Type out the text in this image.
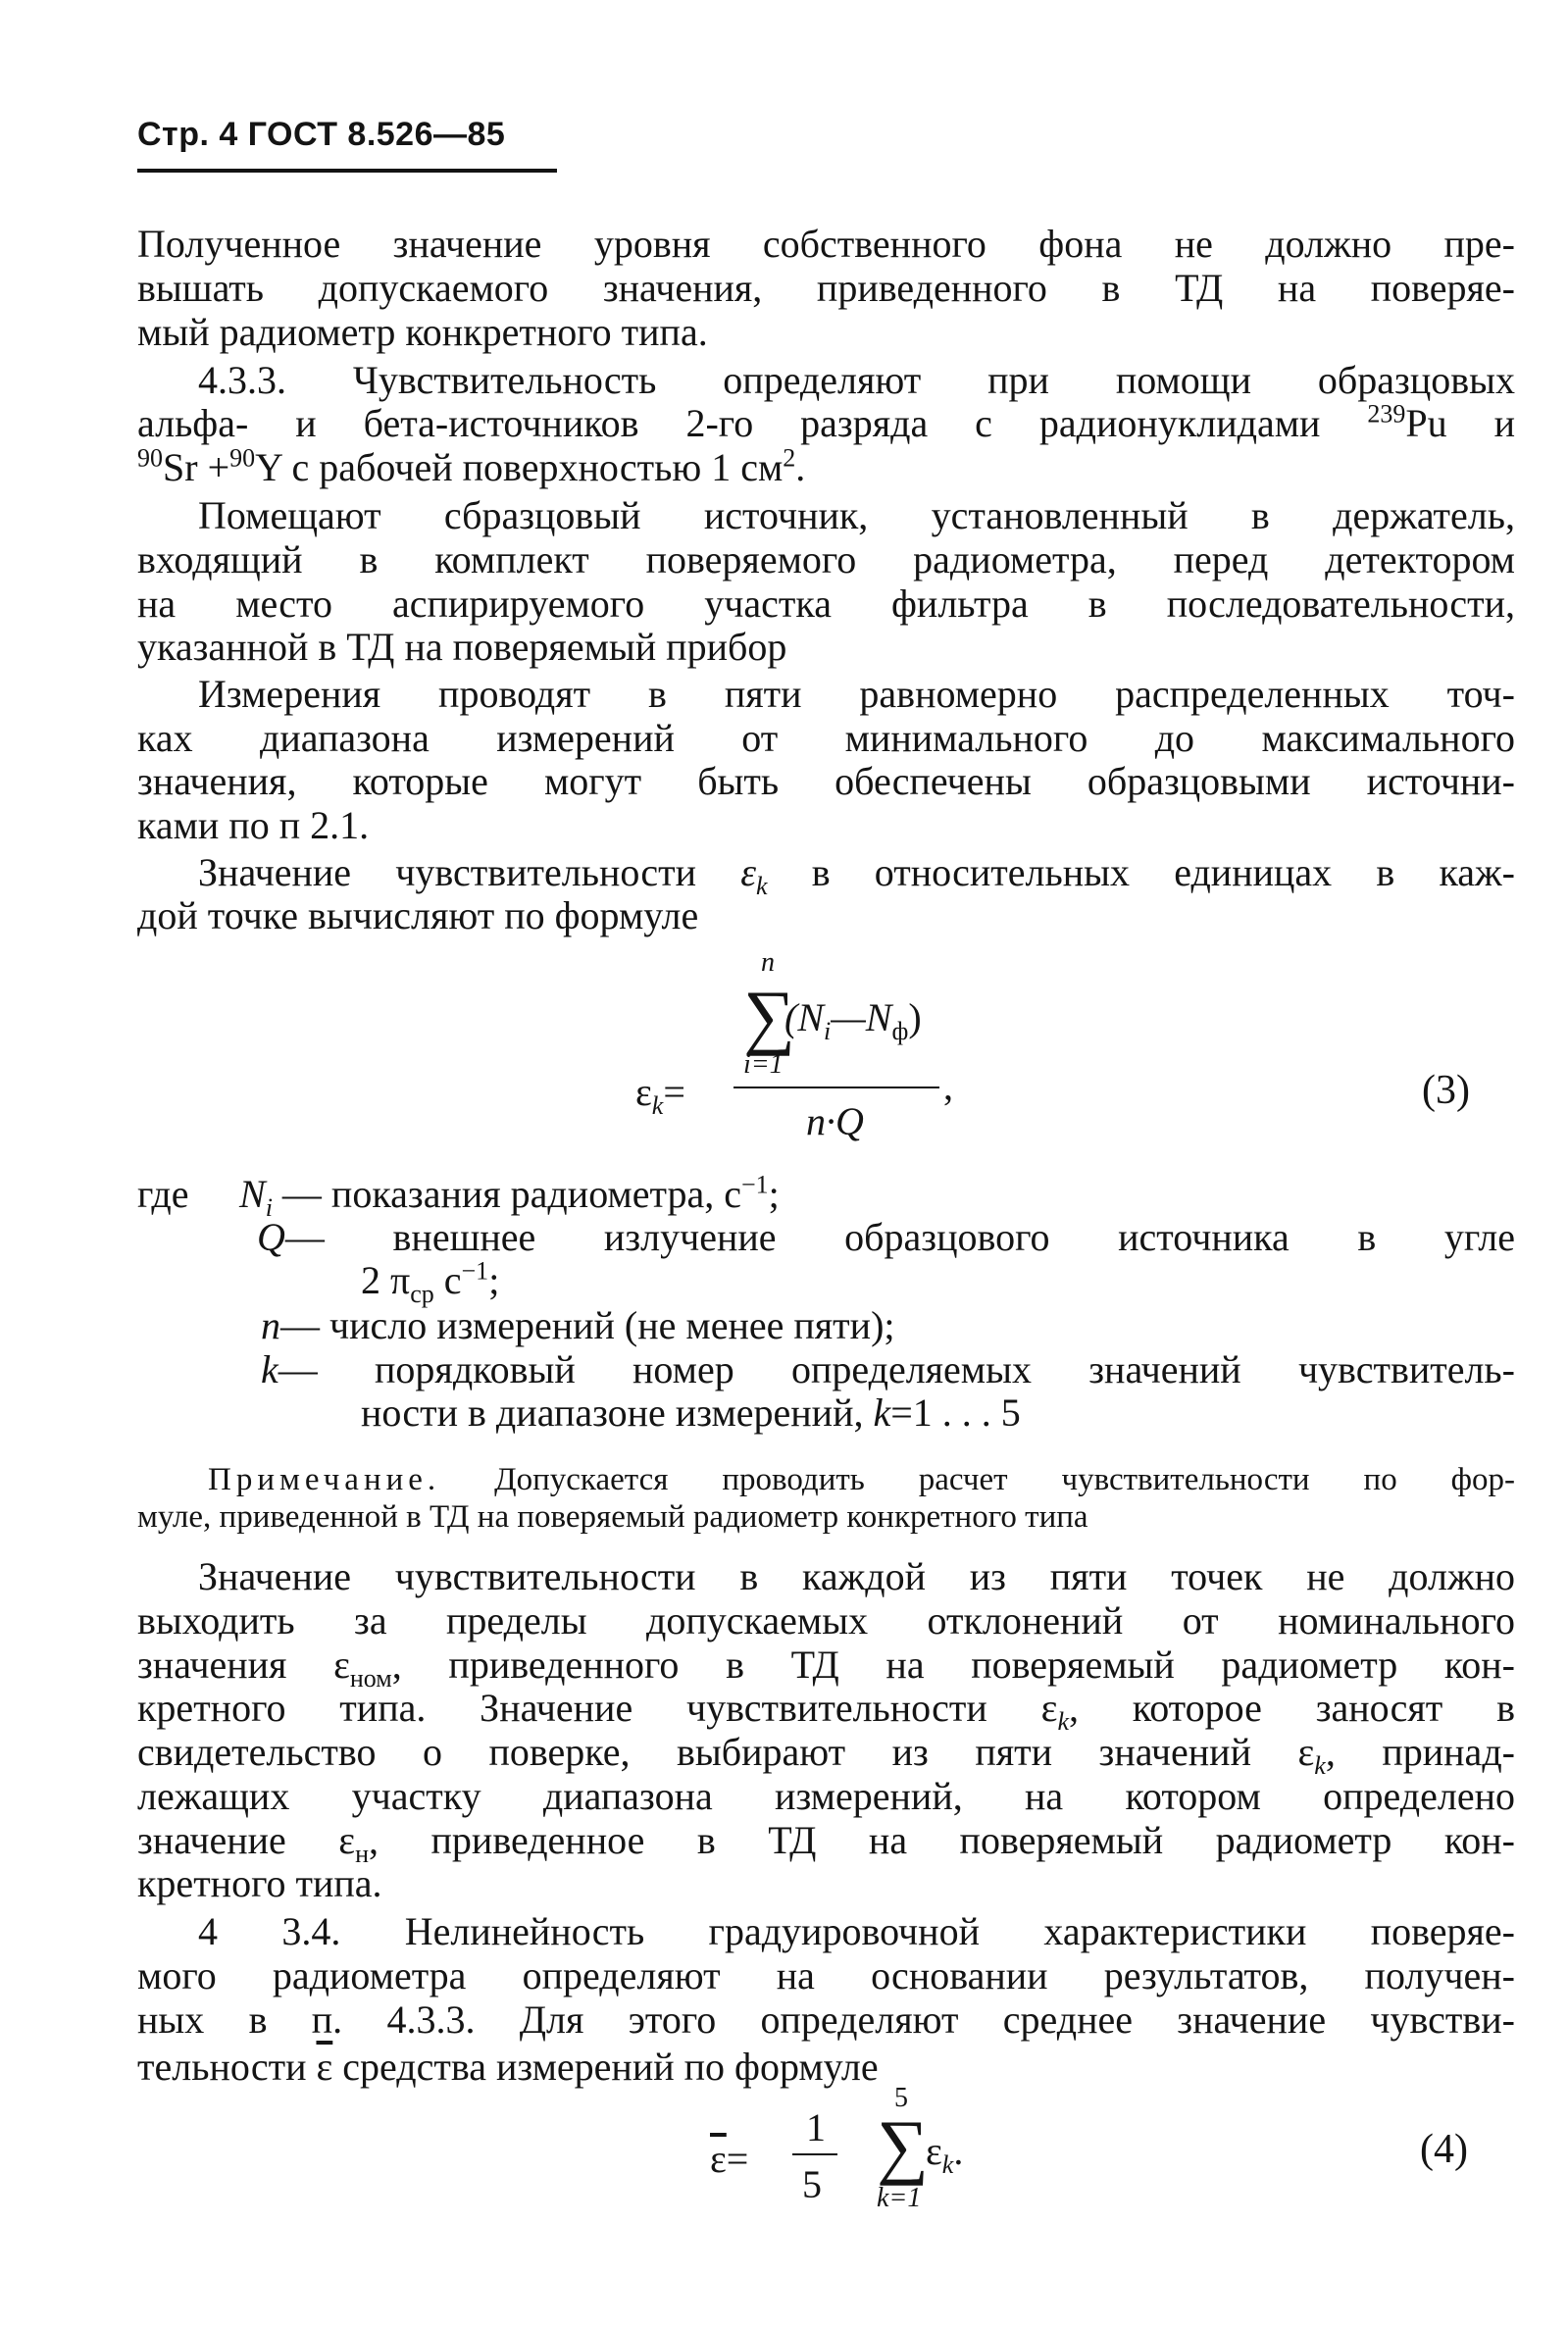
Стр. 4 ГОСТ 8.526—85
Полученное значение уровня собственного фона не должно пре-
вышать допускаемого значения, приведенного в ТД на поверяе-
мый радиометр конкретного типа.
4.3.3. Чувствительность определяют при помощи образцовых
альфа- и бета-источников 2-го разряда с радионуклидами $^{239}$Pu и
$^{90}$Sr +$^{90}$Y с рабочей поверхностью 1 $см^2$.
Помещают сбразцовый источник, установленный в держатель,
входящий в комплект поверяемого радиометра, перед детектором
на место аспирируемого участка фильтра в последовательности,
указанной в ТД на поверяемый прибор
Измерения проводят в пяти равномерно распределенных точ-
ках диапазона измерений от минимального до максимального
значения, которые могут быть обеспечены образцовыми источни-
ками по п 2.1.
Значение чувствительности $\varepsilon_k$ в относительных единицах в каж-
дой точке вычисляют по формуле
n
∑
$(N_i—N_ф)$
i=1
$\varepsilon_k=$	,
n·Q
(3)
где $N_i$ — показания радиометра, $с^{-1}$;
Q— внешнее излучение образцового источника в угле
2 $\pi_{ср}$ $с^{-1}$;
n— число измерений (не менее пяти);
k— порядковый номер определяемых значений чувствитель-
ности в диапазоне измерений, k=1 . . . 5
Примечание. Допускается проводить расчет чувствительности по фор-
муле, приведенной в ТД на поверяемый радиометр конкретного типа
Значение чувствительности в каждой из пяти точек не должно
выходить за пределы допускаемых отклонений от номинального
значения $\varepsilon_{ном}$, приведенного в ТД на поверяемый радиометр кон-
кретного типа. Значение чувствительности $\varepsilon_k$, которое заносят в
свидетельство о поверке, выбирают из пяти значений $\varepsilon_k$, принад-
лежащих участку диапазона измерений, на котором определено
значение $\varepsilon_н$, приведенное в ТД на поверяемый радиометр кон-
кретного типа.
4 3.4. Нелинейность градуировочной характеристики поверяе-
мого радиометра определяют на основании результатов, получен-
ных в п. 4.3.3. Для этого определяют среднее значение чувстви-
тельности $\overline{\varepsilon}$ средства измерений по формуле
$\overline{\varepsilon}=$
1
5
5
∑
$\varepsilon_k$.
k=1
(4)
